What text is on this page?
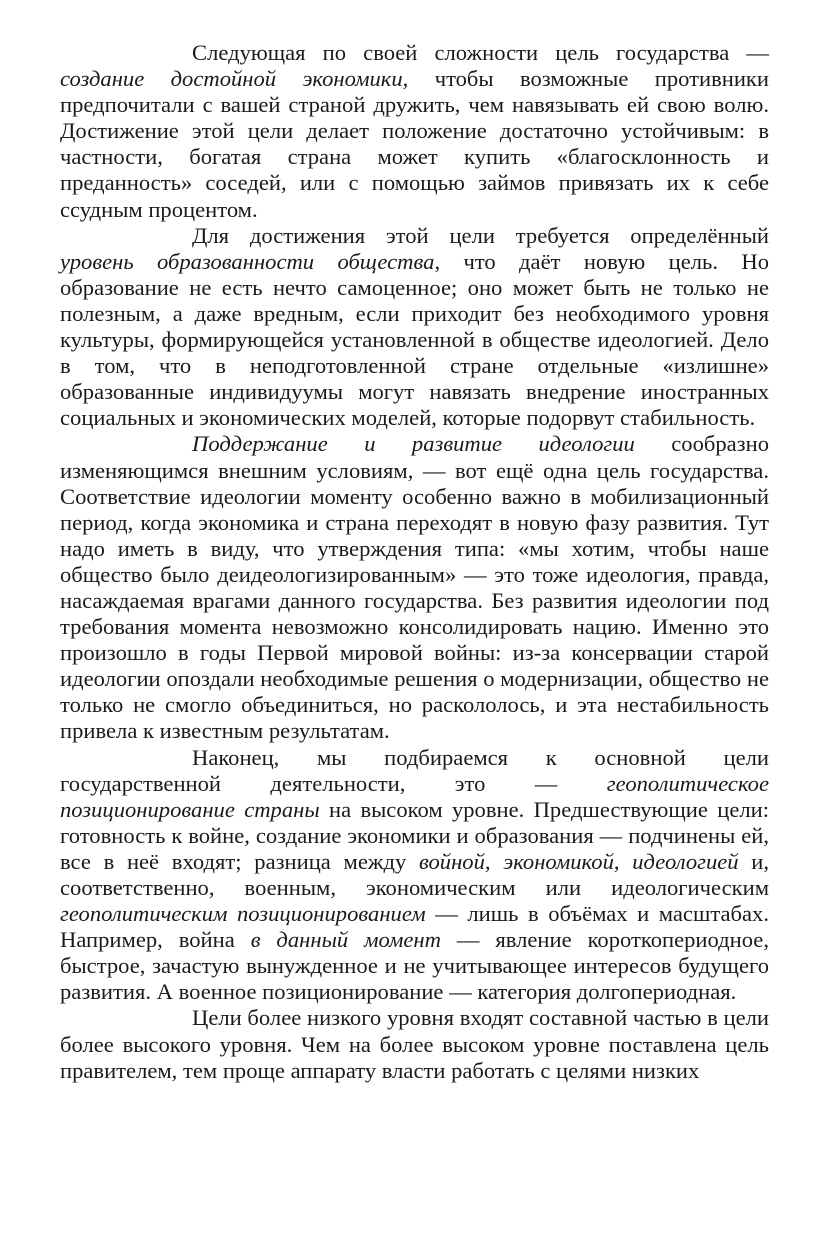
Следующая по своей сложности цель государства — создание достойной экономики, чтобы возможные противники предпочитали с вашей страной дружить, чем навязывать ей свою волю. Достижение этой цели делает положение достаточно устойчивым: в частности, богатая страна может купить «благосклонность и преданность» соседей, или с помощью займов привязать их к себе ссудным процентом.

Для достижения этой цели требуется определённый уровень образованности общества, что даёт новую цель. Но образование не есть нечто самоценное; оно может быть не только не полезным, а даже вредным, если приходит без необходимого уровня культуры, формирующейся установленной в обществе идеологией. Дело в том, что в неподготовленной стране отдельные «излишне» образованные индивидуумы могут навязать внедрение иностранных социальных и экономических моделей, которые подорвут стабильность.

Поддержание и развитие идеологии сообразно изменяющимся внешним условиям, — вот ещё одна цель государства. Соответствие идеологии моменту особенно важно в мобилизационный период, когда экономика и страна переходят в новую фазу развития. Тут надо иметь в виду, что утверждения типа: «мы хотим, чтобы наше общество было деидеологизированным» — это тоже идеология, правда, насаждаемая врагами данного государства. Без развития идеологии под требования момента невозможно консолидировать нацию. Именно это произошло в годы Первой мировой войны: из-за консервации старой идеологии опоздали необходимые решения о модернизации, общество не только не смогло объединиться, но раскололось, и эта нестабильность привела к известным результатам.

Наконец, мы подбираемся к основной цели государственной деятельности, это — геополитическое позиционирование страны на высоком уровне. Предшествующие цели: готовность к войне, создание экономики и образования — подчинены ей, все в неё входят; разница между войной, экономикой, идеологией и, соответственно, военным, экономическим или идеологическим геополитическим позиционированием — лишь в объёмах и масштабах. Например, война в данный момент — явление короткопериодное, быстрое, зачастую вынужденное и не учитывающее интересов будущего развития. А военное позиционирование — категория долгопериодная.

Цели более низкого уровня входят составной частью в цели более высокого уровня. Чем на более высоком уровне поставлена цель правителем, тем проще аппарату власти работать с целями низких
